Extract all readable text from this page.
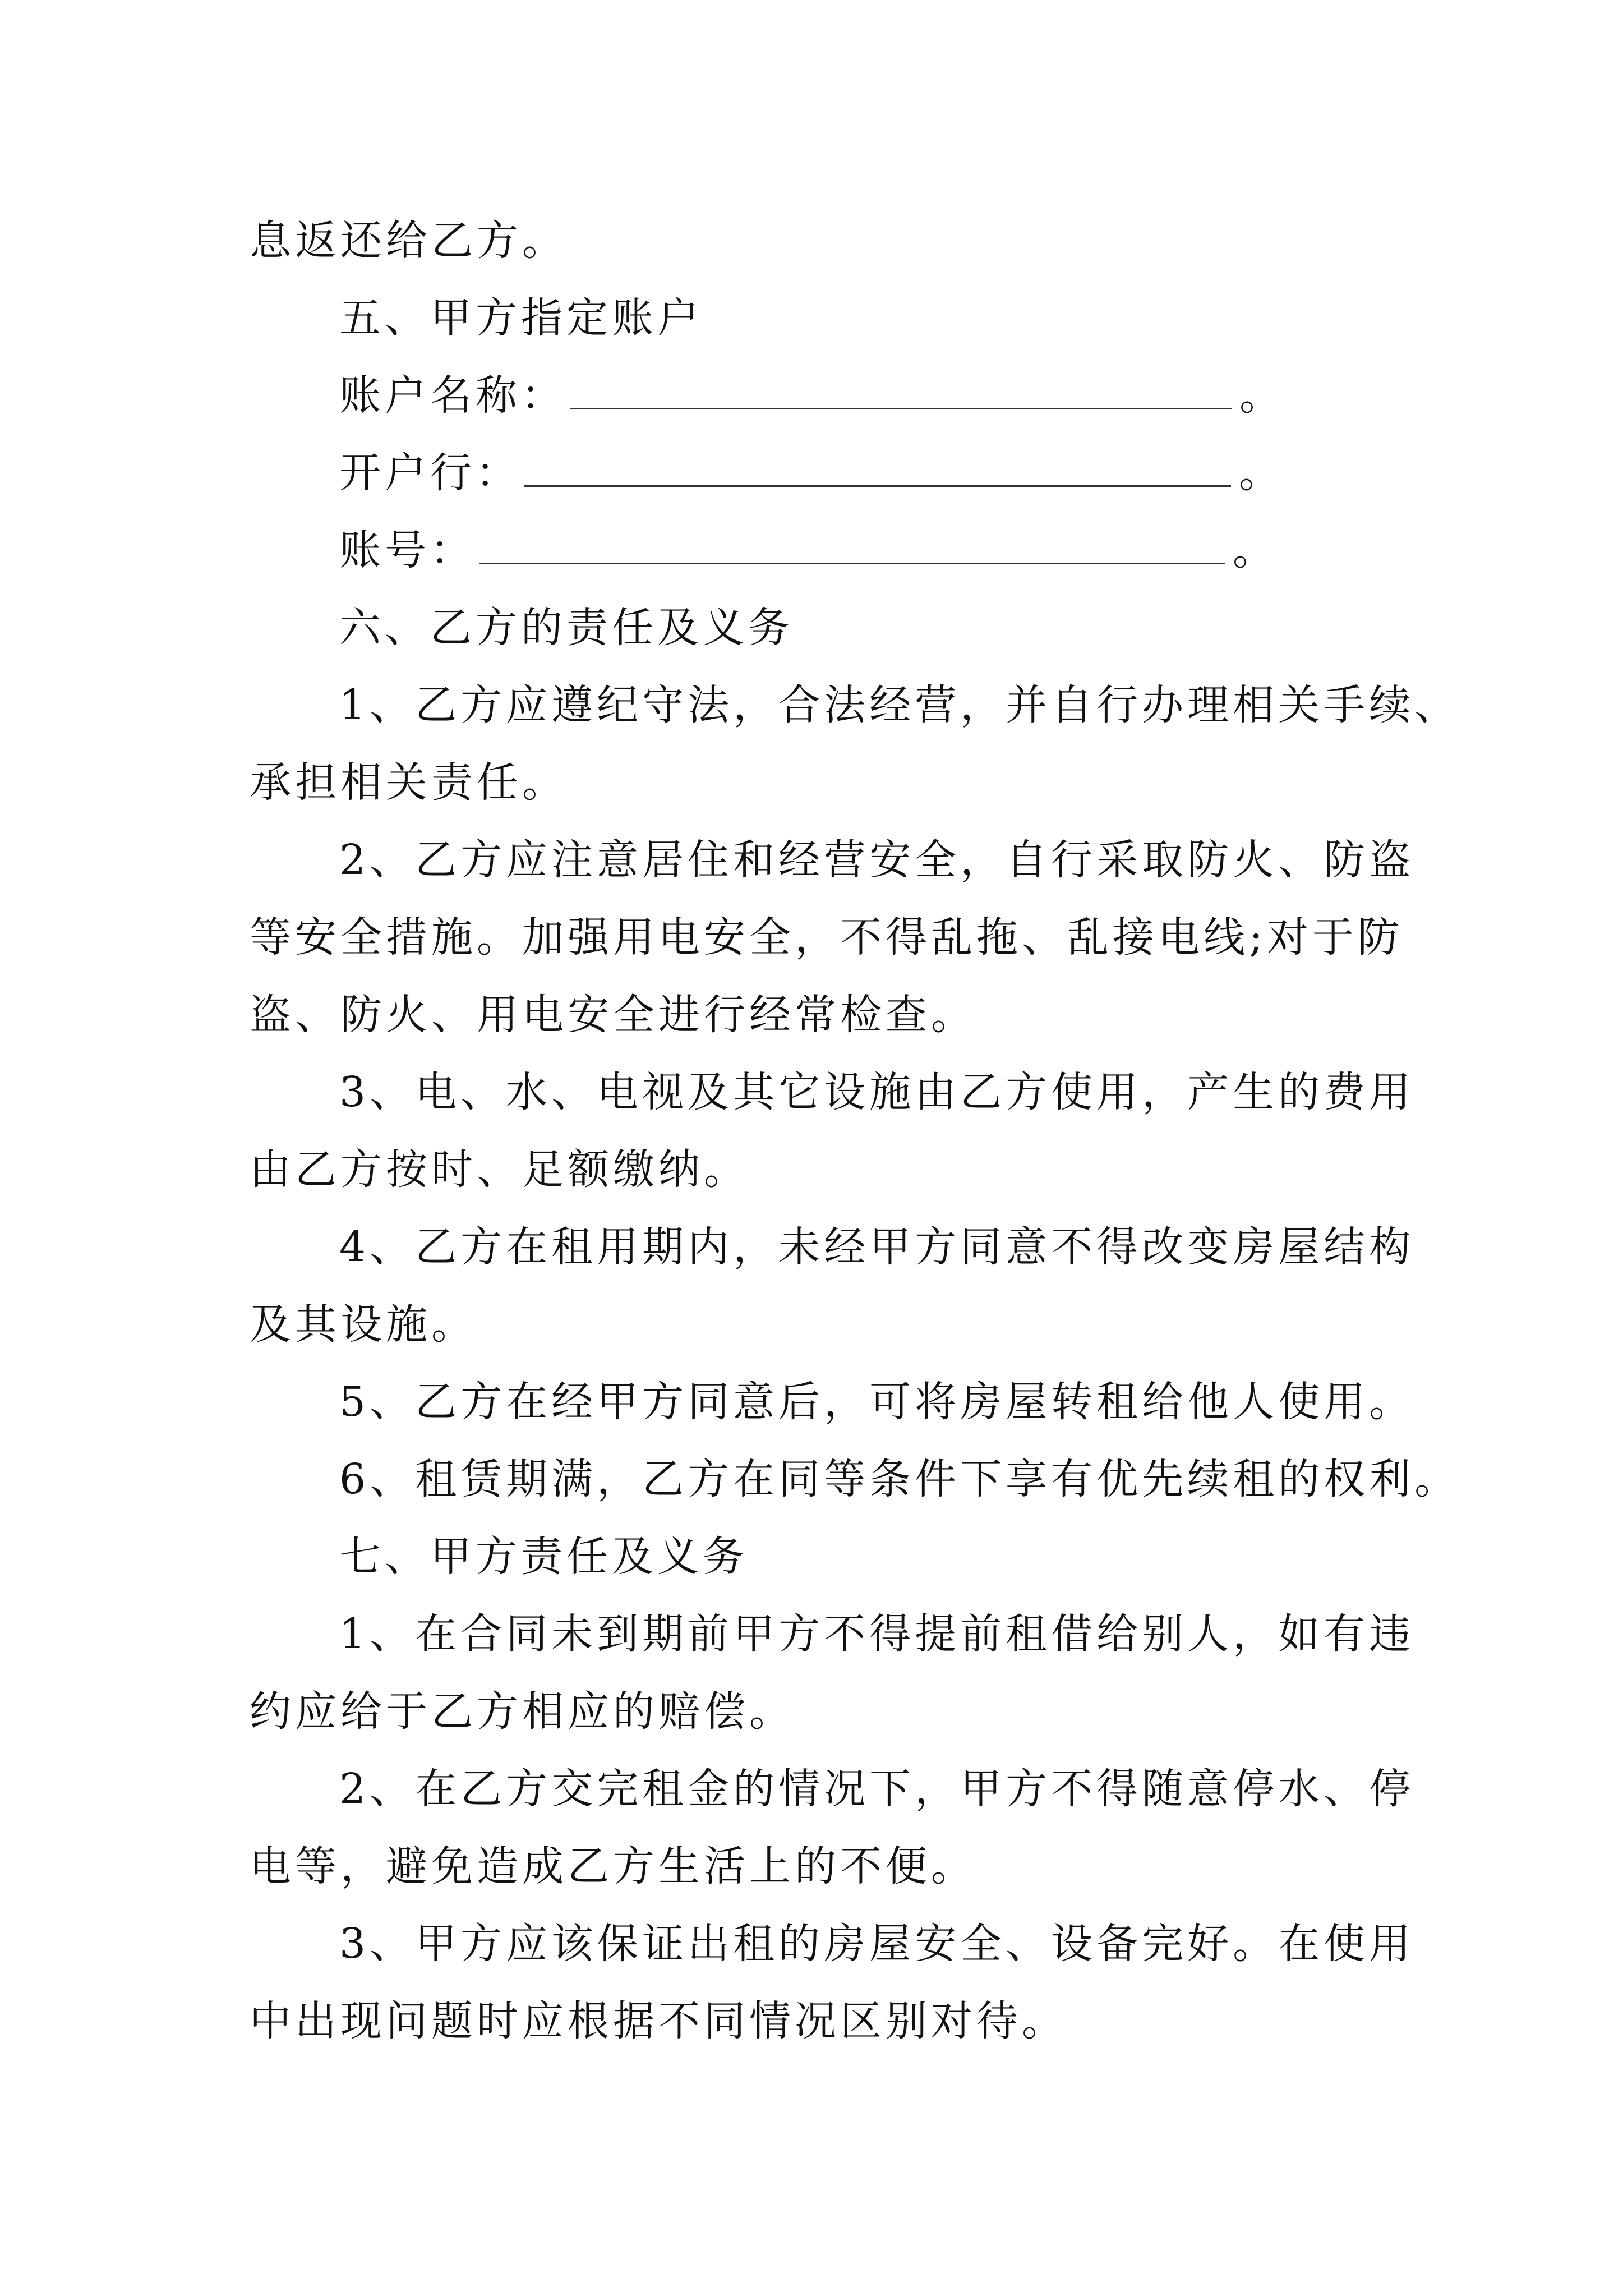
息返还给乙方。
五、甲方指定账户
账户名称：	。
开户行：	。
账号：	。
六、乙方的责任及义务
1、乙方应遵纪守法，合法经营，并自行办理相关手续、
承担相关责任。
2、乙方应注意居住和经营安全，自行采取防火、防盗
等安全措施。加强用电安全，不得乱拖、乱接电线;对于防
盗、防火、用电安全进行经常检查。
3、电、水、电视及其它设施由乙方使用，产生的费用
由乙方按时、足额缴纳。
4、乙方在租用期内，未经甲方同意不得改变房屋结构
及其设施。
5、乙方在经甲方同意后，可将房屋转租给他人使用。
6、租赁期满，乙方在同等条件下享有优先续租的权利。
七、甲方责任及义务
1、在合同未到期前甲方不得提前租借给别人，如有违
约应给于乙方相应的赔偿。
2、在乙方交完租金的情况下，甲方不得随意停水、停
电等，避免造成乙方生活上的不便。
3、甲方应该保证出租的房屋安全、设备完好。在使用
中出现问题时应根据不同情况区别对待。
